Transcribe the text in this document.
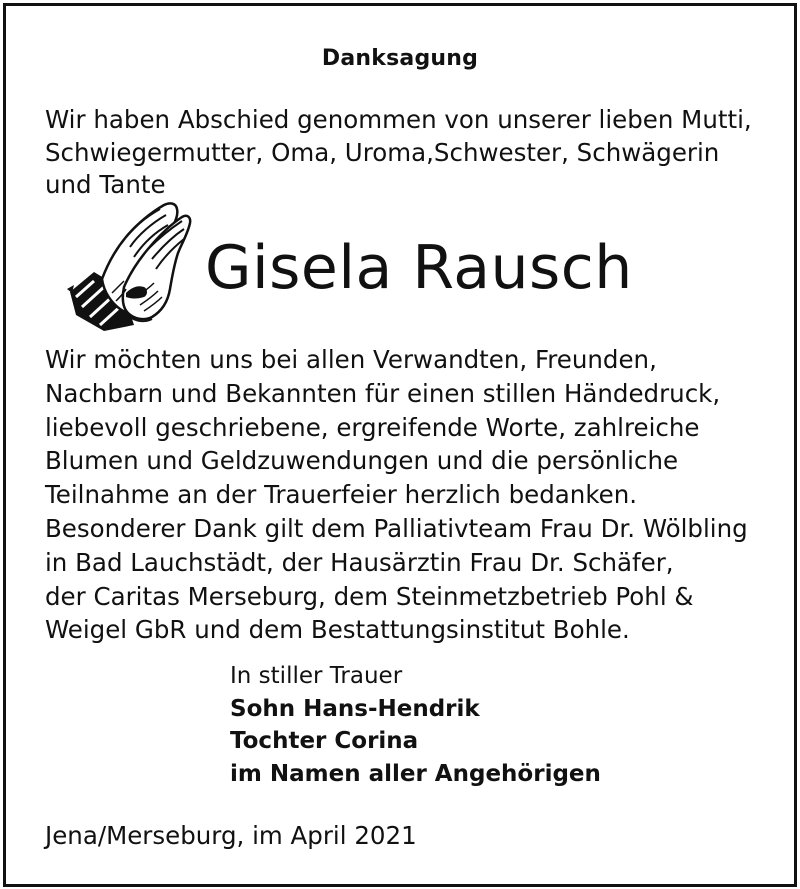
Danksagung

Wir haben Abschied genommen von unserer lieben Mutti,
Schwiegermutter, Oma, Uroma,Schwester, Schwägerin
und Tante

Gisela Rausch

Wir möchten uns bei allen Verwandten, Freunden,
Nachbarn und Bekannten für einen stillen Händedruck,
liebevoll geschriebene, ergreifende Worte, zahlreiche
Blumen und Geldzuwendungen und die persönliche
Teilnahme an der Trauerfeier herzlich bedanken.
Besonderer Dank gilt dem Palliativteam Frau Dr. Wölbling
in Bad Lauchstädt, der Hausärztin Frau Dr. Schäfer,
der Caritas Merseburg, dem Steinmetzbetrieb Pohl &
Weigel GbR und dem Bestattungsinstitut Bohle.

In stiller Trauer
Sohn Hans-Hendrik
Tochter Corina
im Namen aller Angehörigen
Jena/Merseburg, im April 2021
